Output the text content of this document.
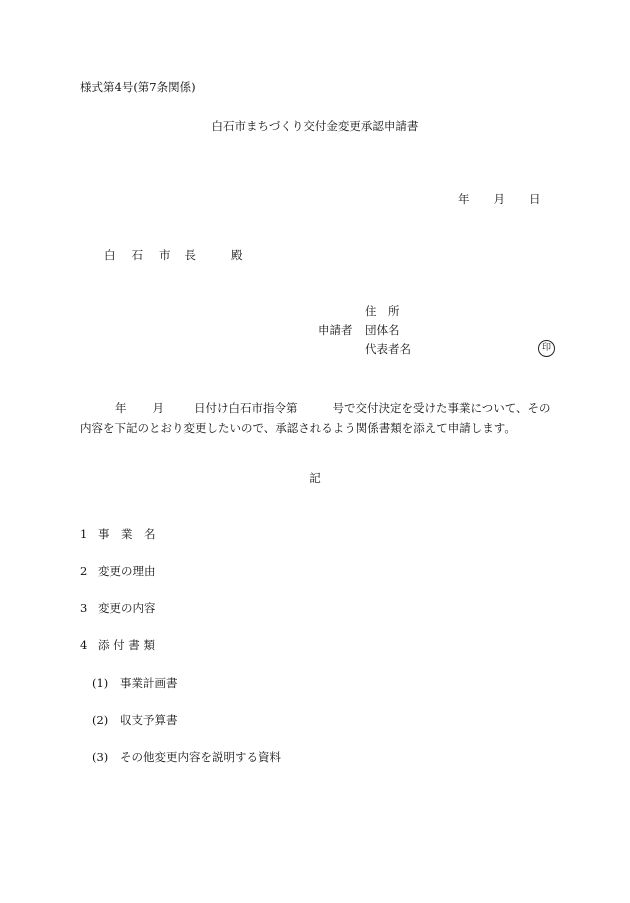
様式第4号(第7条関係)
白石市まちづくり交付金変更承認申請書
年 月 日
白 石 市 長	殿
申請者
住　所
団体名
代表者名	印
年 月	日付け白石市指令第	号で交付決定を受けた事業について、その
内容を下記のとおり変更したいので、承認されるよう関係書類を添えて申請します。
記
1 事　業　名
2 変更の理由
3 変更の内容
4 添 付 書 類
(1) 事業計画書
(2) 収支予算書
(3) その他変更内容を説明する資料
